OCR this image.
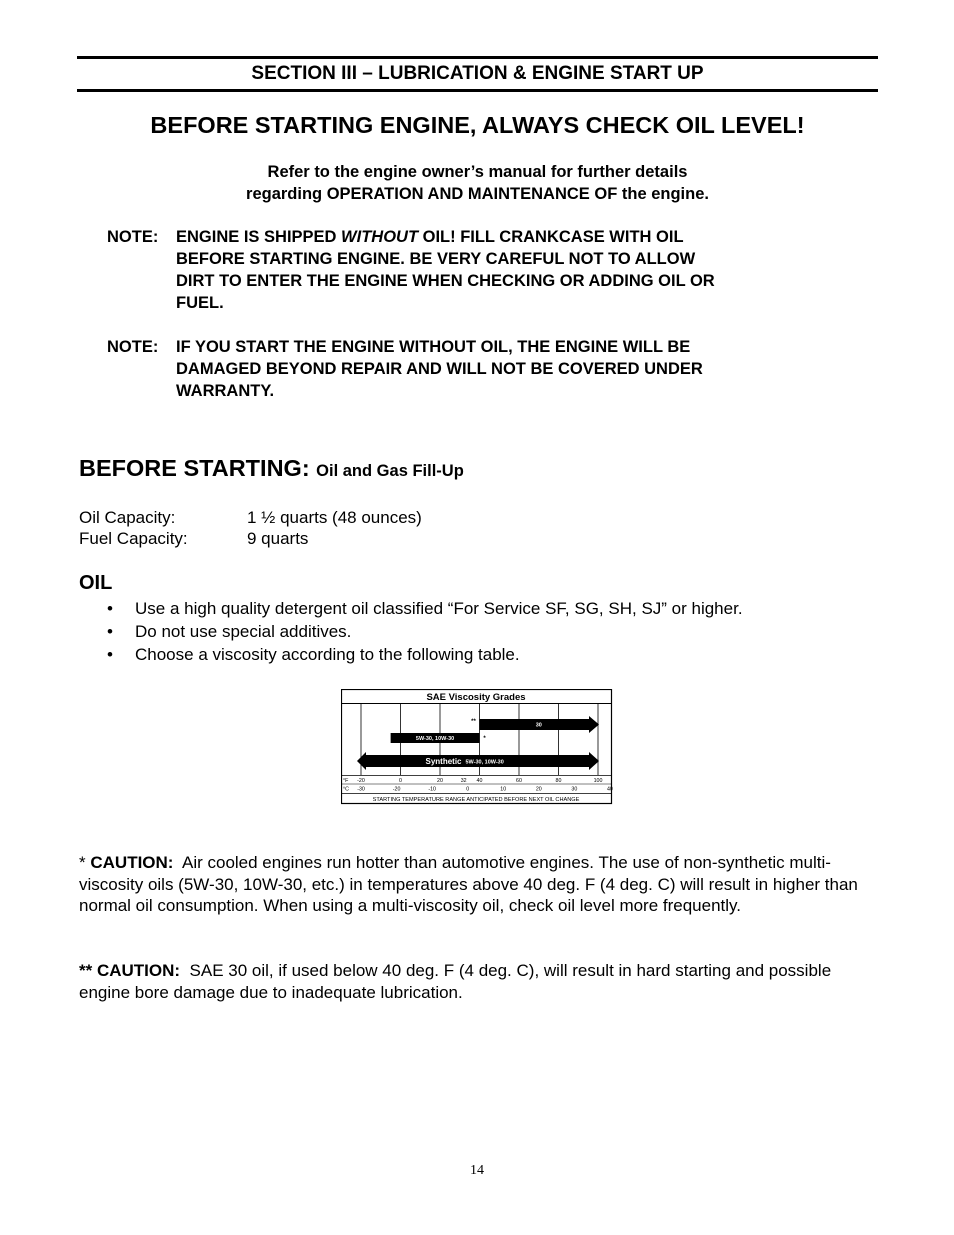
SECTION III – LUBRICATION & ENGINE START UP
BEFORE STARTING ENGINE, ALWAYS CHECK OIL LEVEL!
Refer to the engine owner’s manual for further details
regarding OPERATION AND MAINTENANCE OF the engine.
NOTE: ENGINE IS SHIPPED WITHOUT OIL! FILL CRANKCASE WITH OIL
BEFORE STARTING ENGINE. BE VERY CAREFUL NOT TO ALLOW
DIRT TO ENTER THE ENGINE WHEN CHECKING OR ADDING OIL OR
FUEL.
NOTE: IF YOU START THE ENGINE WITHOUT OIL, THE ENGINE WILL BE
DAMAGED BEYOND REPAIR AND WILL NOT BE COVERED UNDER
WARRANTY.
BEFORE STARTING: Oil and Gas Fill-Up
Oil Capacity:	1 ½ quarts (48 ounces)
Fuel Capacity:	9 quarts
OIL
• Use a high quality detergent oil classified “For Service SF, SG, SH, SJ” or higher.
• Do not use special additives.
• Choose a viscosity according to the following table.
SAE Viscosity Grades
30
**
5W-30, 10W-30	*
Synthetic 5W-30, 10W-30
°F -20	0	20	32 40	60	80	100
°C -30	-20	-10	0	10	20	30	40
STARTING TEMPERATURE RANGE ANTICIPATED BEFORE NEXT OIL CHANGE
* CAUTION: Air cooled engines run hotter than automotive engines. The use of non-synthetic multi-viscosity oils (5W-30, 10W-30, etc.) in temperatures above 40 deg. F (4 deg. C) will result in higher than normal oil consumption. When using a multi-viscosity oil, check oil level more frequently.
** CAUTION: SAE 30 oil, if used below 40 deg. F (4 deg. C), will result in hard starting and possible engine bore damage due to inadequate lubrication.
14
